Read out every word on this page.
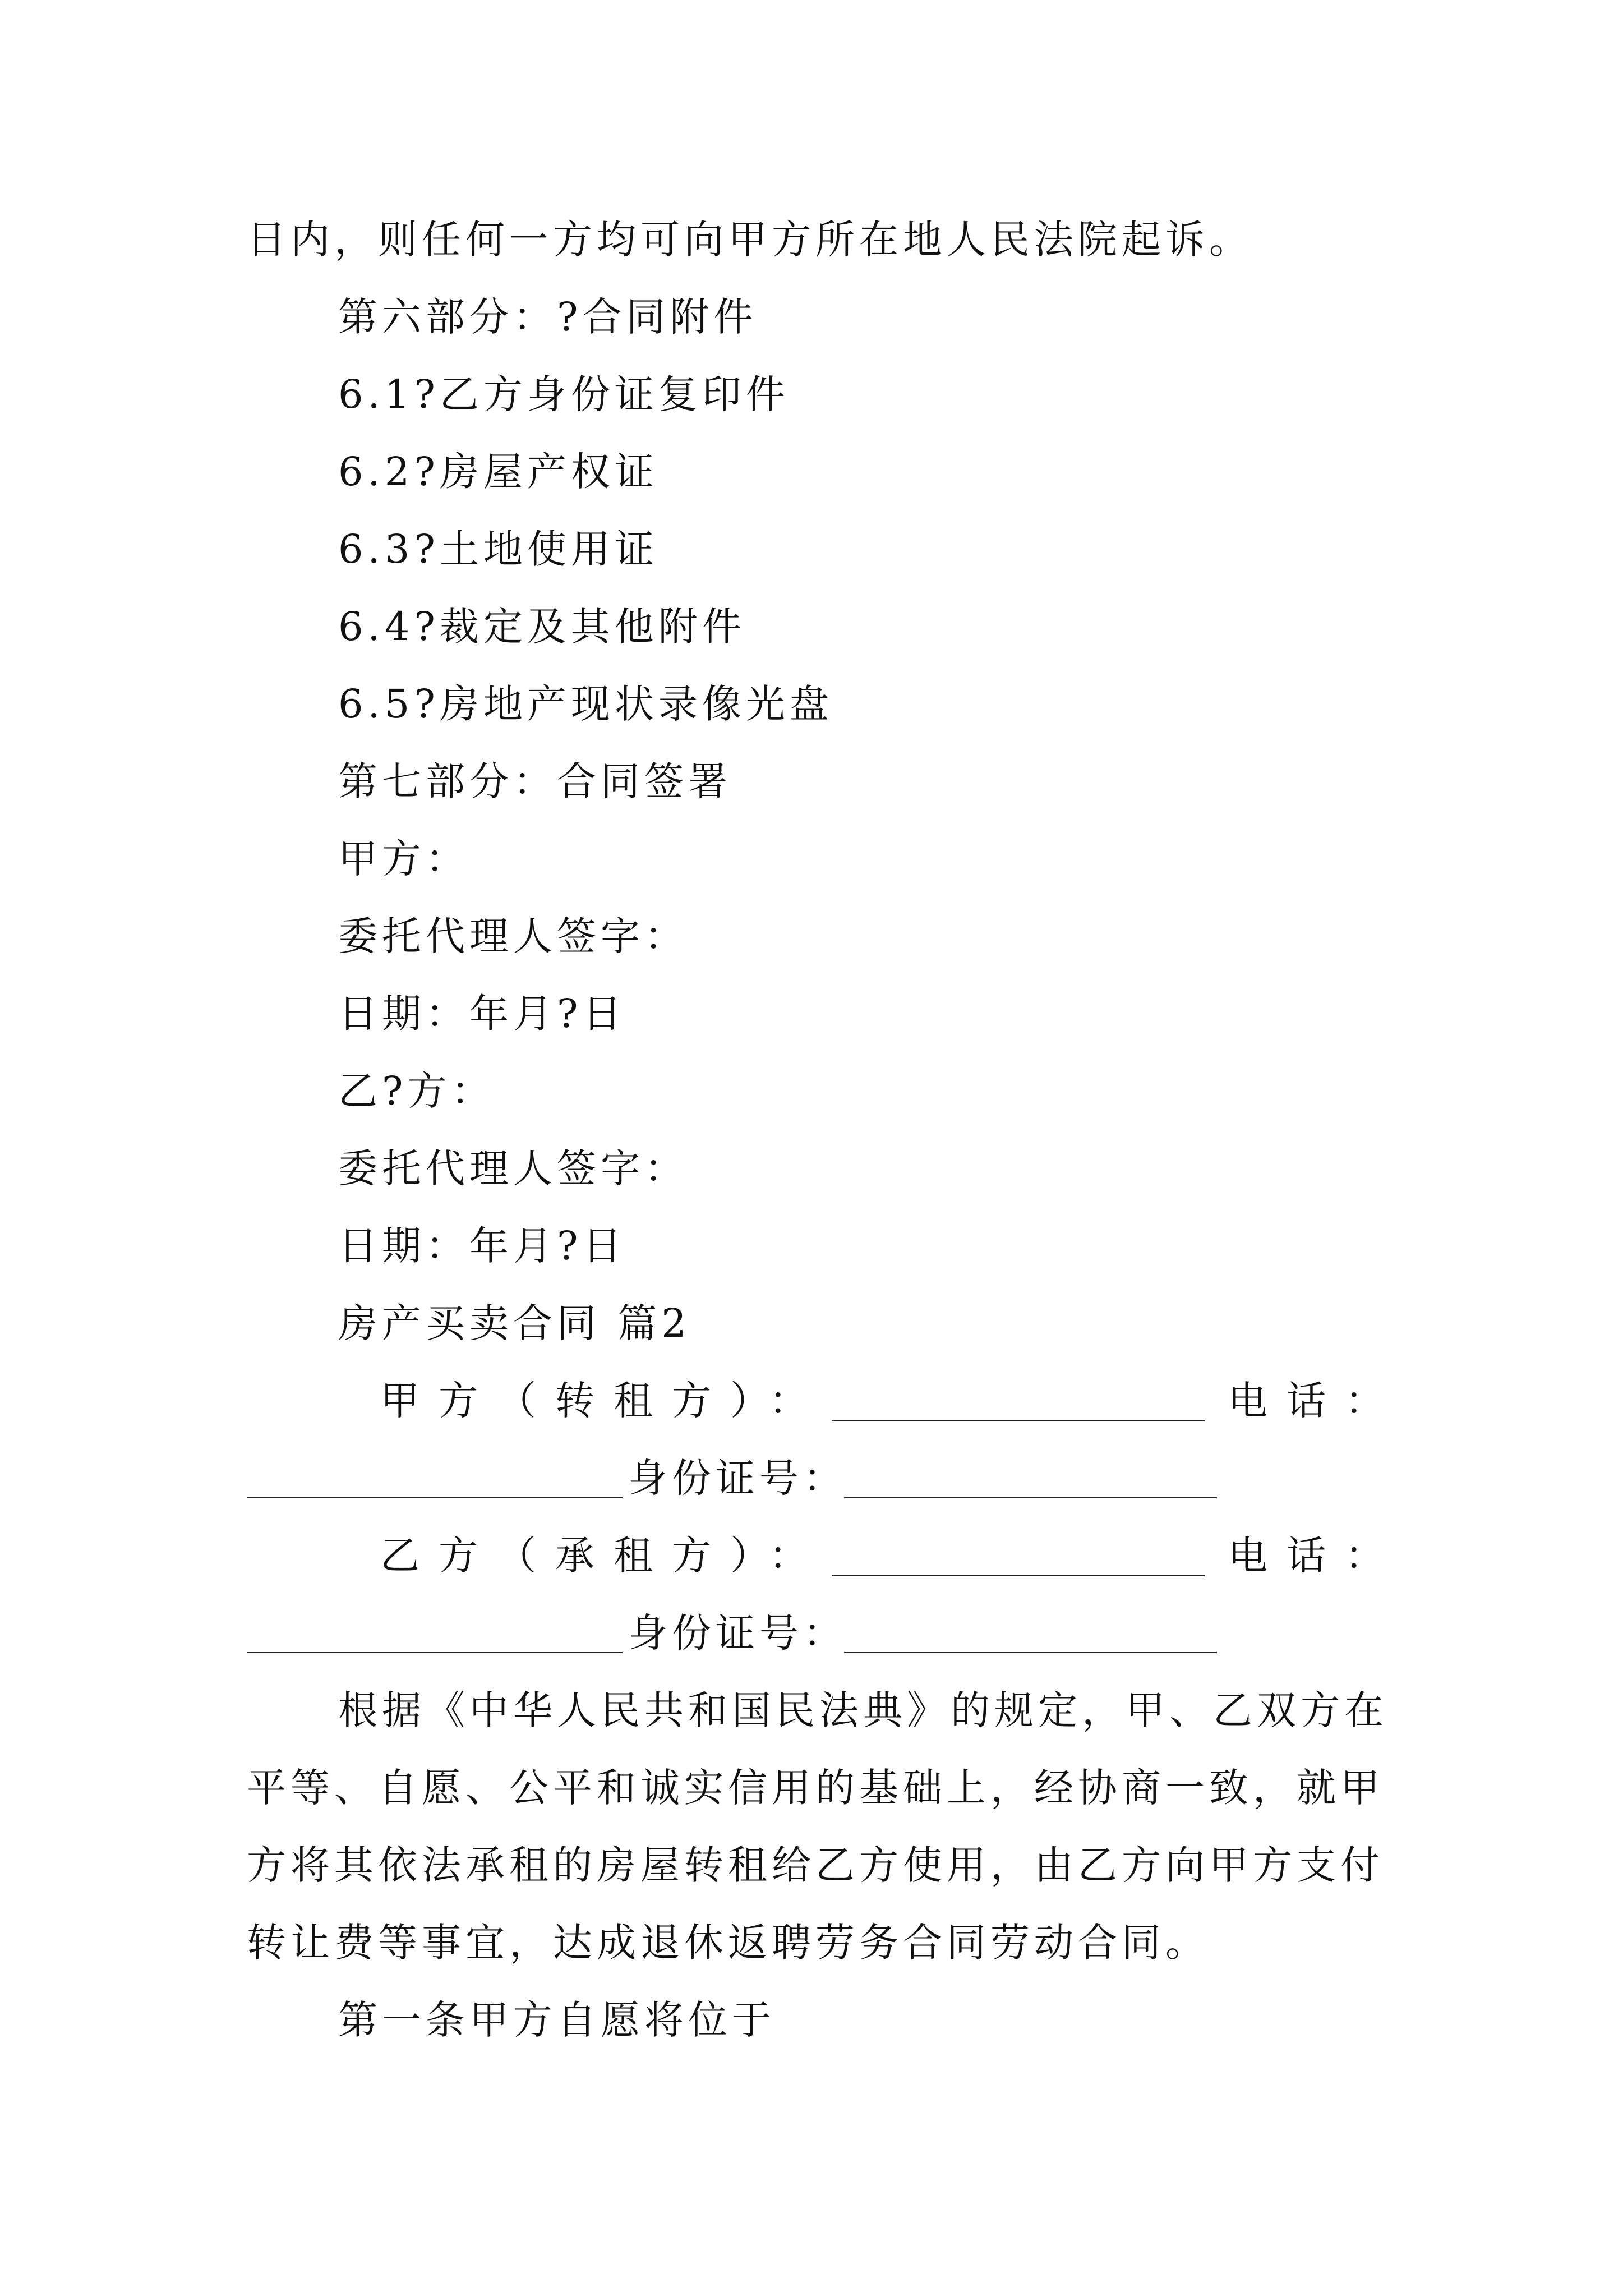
日内，则任何一方均可向甲方所在地人民法院起诉。
第六部分：?合同附件
6.1?乙方身份证复印件
6.2?房屋产权证
6.3?土地使用证
6.4?裁定及其他附件
6.5?房地产现状录像光盘
第七部分：合同签署
甲方：
委托代理人签字：
日期：年月?日
乙?方：
委托代理人签字：
日期：年月?日
房产买卖合同 篇2
甲方（转租方）：	电话：
身份证号：
乙方（承租方）：	电话：
身份证号：
根据《中华人民共和国民法典》的规定，甲、乙双方在
平等、自愿、公平和诚实信用的基础上，经协商一致，就甲
方将其依法承租的房屋转租给乙方使用，由乙方向甲方支付
转让费等事宜，达成退休返聘劳务合同劳动合同。
第一条甲方自愿将位于
